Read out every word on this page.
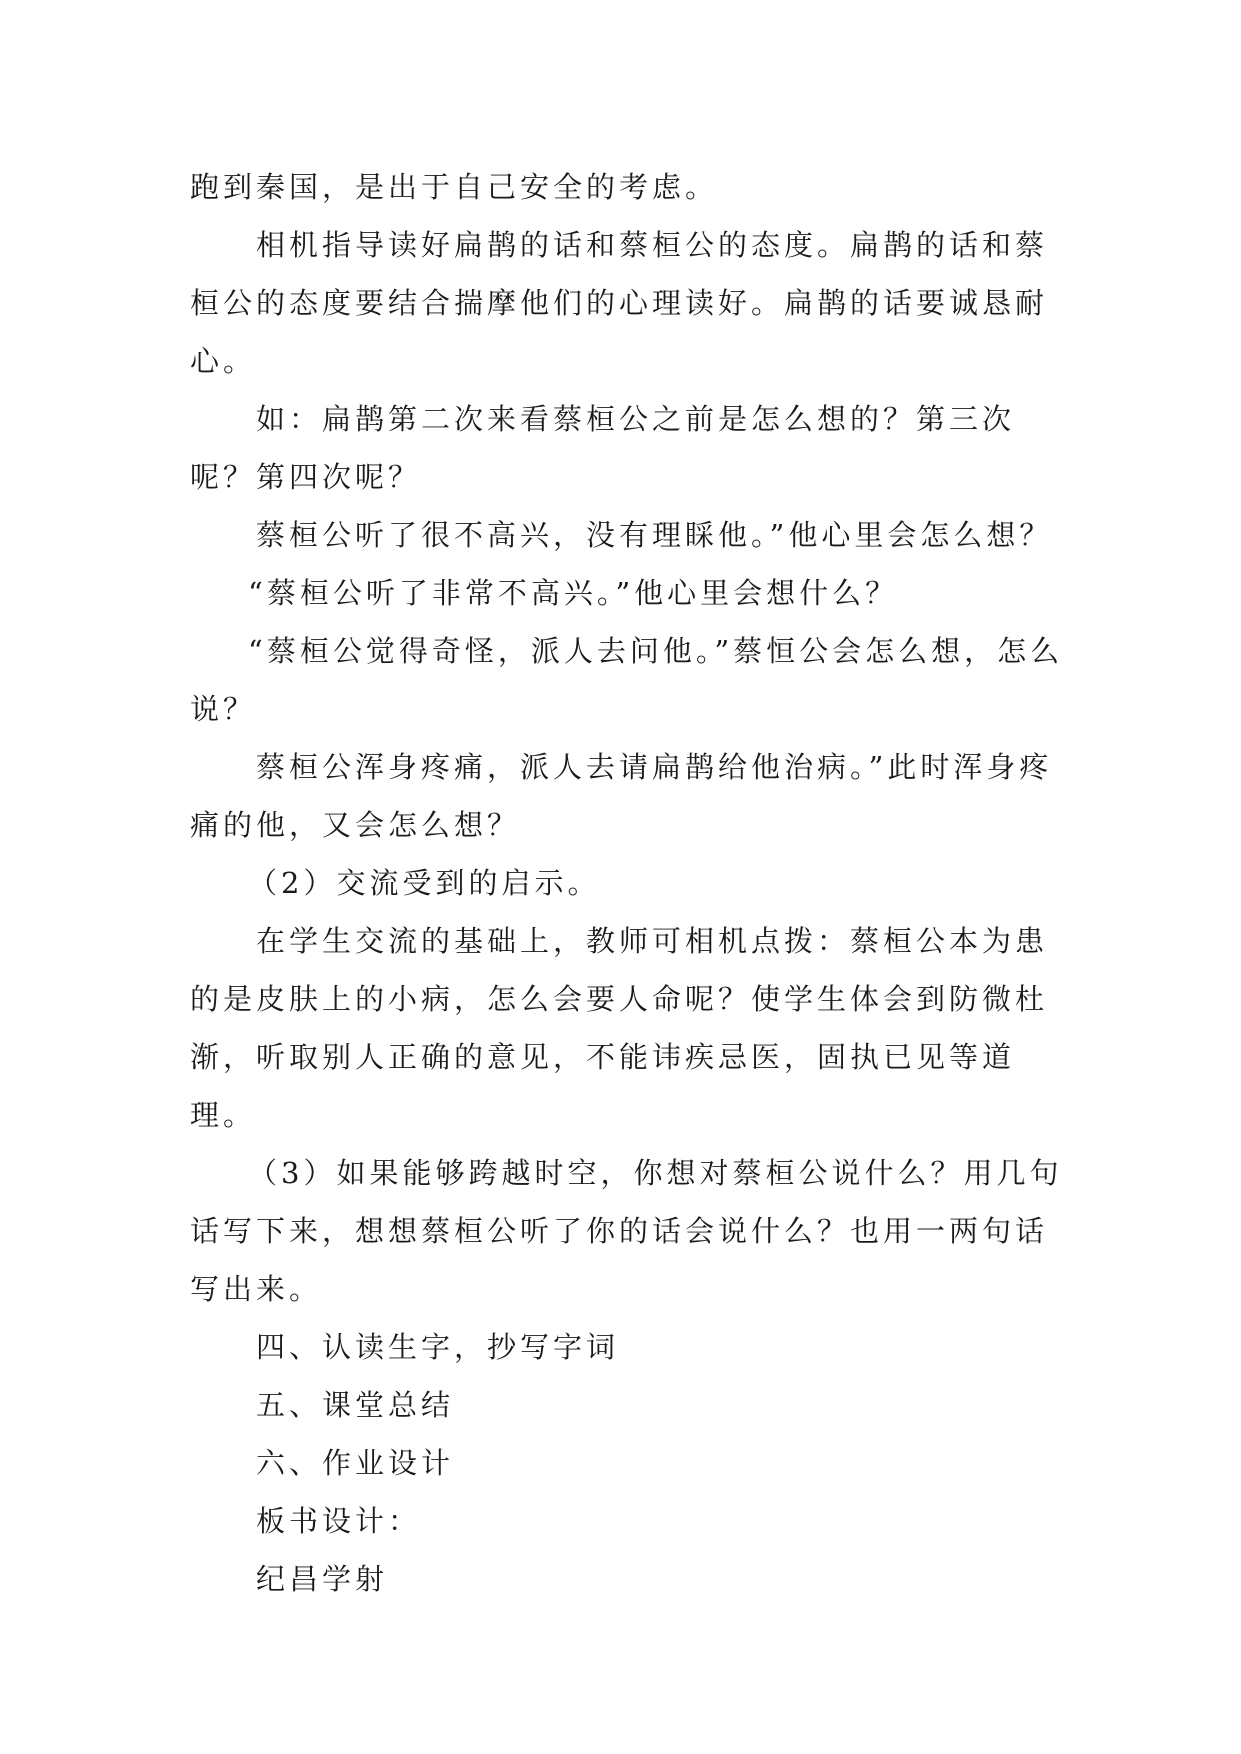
跑到秦国，是出于自己安全的考虑。

相机指导读好扁鹊的话和蔡桓公的态度。扁鹊的话和蔡桓公的态度要结合揣摩他们的心理读好。扁鹊的话要诚恳耐心。

如：扁鹊第二次来看蔡桓公之前是怎么想的？第三次呢？第四次呢？

蔡桓公听了很不高兴，没有理睬他。”他心里会怎么想？

“蔡桓公听了非常不高兴。”他心里会想什么？

“蔡桓公觉得奇怪，派人去问他。”蔡恒公会怎么想，怎么说？

蔡桓公浑身疼痛，派人去请扁鹊给他治病。”此时浑身疼痛的他，又会怎么想？

（2）交流受到的启示。

在学生交流的基础上，教师可相机点拨：蔡桓公本为患的是皮肤上的小病，怎么会要人命呢？使学生体会到防微杜渐，听取别人正确的意见，不能讳疾忌医，固执已见等道理。

（3）如果能够跨越时空，你想对蔡桓公说什么？用几句话写下来，想想蔡桓公听了你的话会说什么？也用一两句话写出来。

四、认读生字，抄写字词

五、课堂总结

六、作业设计

板书设计：

纪昌学射
